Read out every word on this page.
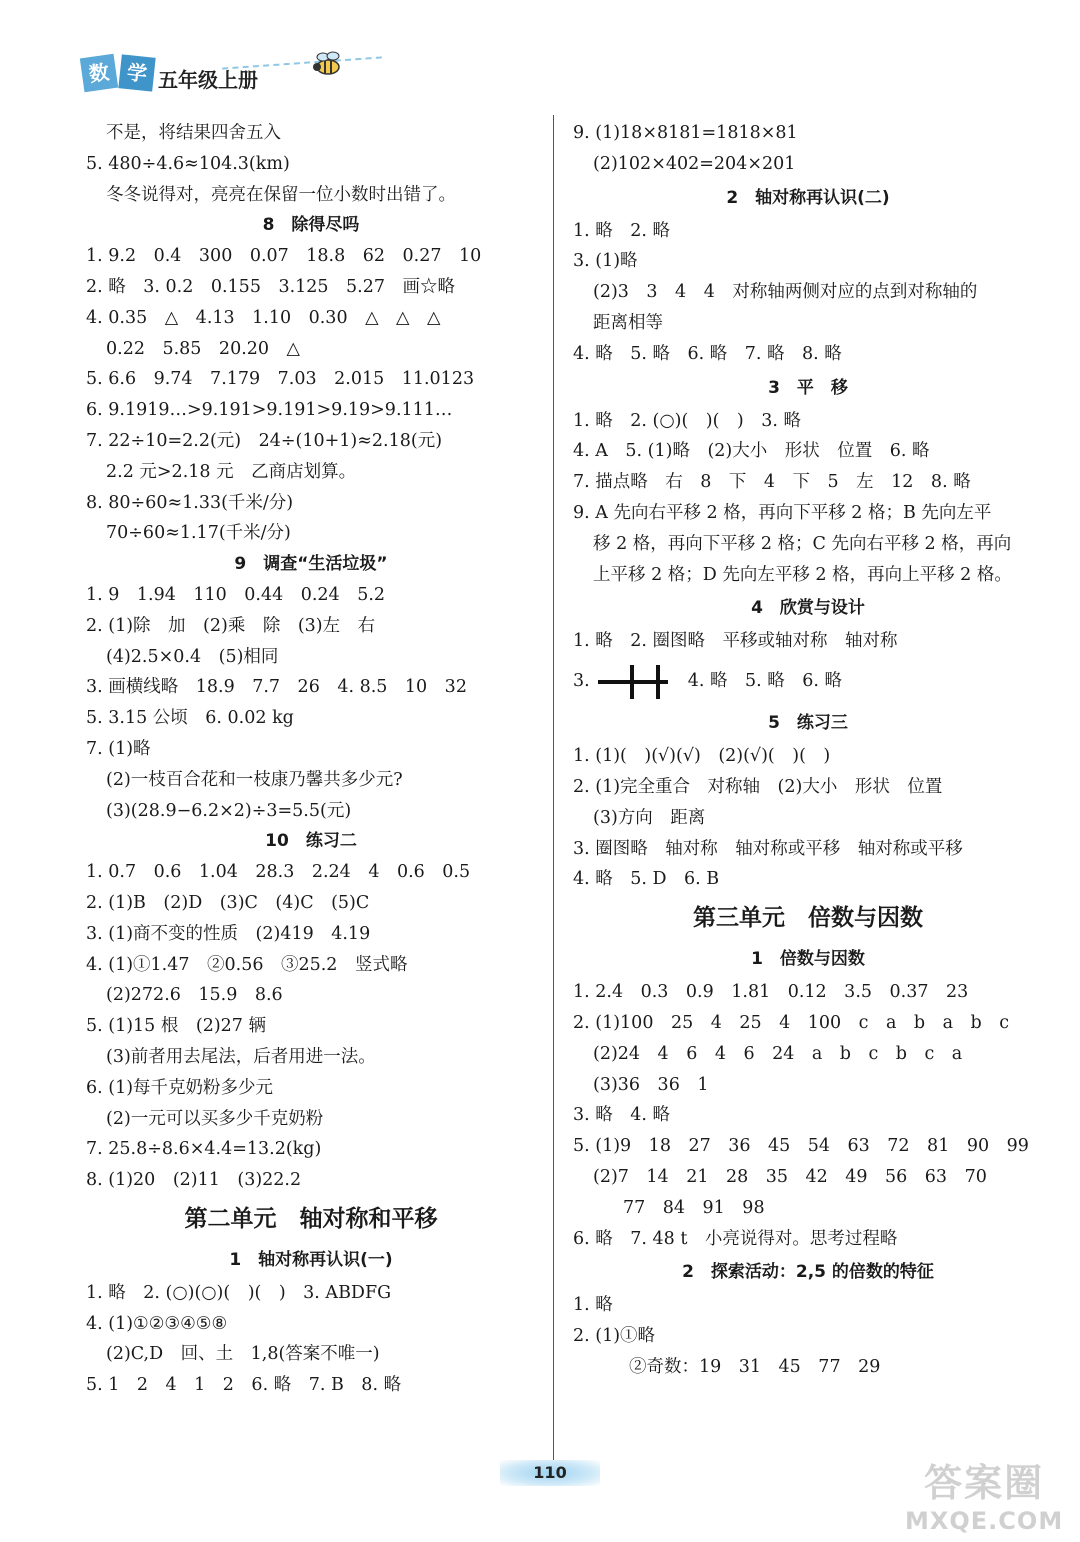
数 学 五年级上册
不是，将结果四舍五入
5. 480÷4.6≈104.3(km)
冬冬说得对，亮亮在保留一位小数时出错了。
8　除得尽吗
1. 9.2　0.4　300　0.07　18.8　62　0.27　10
2. 略　3. 0.2　0.155　3.125　5.27　画☆略
4. 0.35　△　4.13　1.10　0.30　△　△　△
0.22　5.85　20.20　△
5. 6.6　9.74　7.179　7.03　2.015　11.0123
6. 9.1919…>9.191>9.191>9.19>9.111…
7. 22÷10=2.2(元)　24÷(10+1)≈2.18(元)
2.2 元>2.18 元　乙商店划算。
8. 80÷60≈1.33(千米/分)
70÷60≈1.17(千米/分)
9　调查“生活垃圾”
1. 9　1.94　110　0.44　0.24　5.2
2. (1)除　加　(2)乘　除　(3)左　右
(4)2.5×0.4　(5)相同
3. 画横线略　18.9　7.7　26　4. 8.5　10　32
5. 3.15 公顷　6. 0.02 kg
7. (1)略
(2)一枝百合花和一枝康乃馨共多少元?
(3)(28.9−6.2×2)÷3=5.5(元)
10　练习二
1. 0.7　0.6　1.04　28.3　2.24　4　0.6　0.5
2. (1)B　(2)D　(3)C　(4)C　(5)C
3. (1)商不变的性质　(2)419　4.19
4. (1)①1.47　②0.56　③25.2　竖式略
(2)272.6　15.9　8.6
5. (1)15 根　(2)27 辆
(3)前者用去尾法，后者用进一法。
6. (1)每千克奶粉多少元
(2)一元可以买多少千克奶粉
7. 25.8÷8.6×4.4=13.2(kg)
8. (1)20　(2)11　(3)22.2
第二单元　轴对称和平移
1　轴对称再认识(一)
1. 略　2. (○)(○)(　)(　)　3. ABDFG
4. (1)①②③④⑤⑧
(2)C,D　回、土　1,8(答案不唯一)
5. 1　2　4　1　2　6. 略　7. B　8. 略
9. (1)18×8181=1818×81
(2)102×402=204×201
2　轴对称再认识(二)
1. 略　2. 略
3. (1)略
(2)3　3　4　4　对称轴两侧对应的点到对称轴的
距离相等
4. 略　5. 略　6. 略　7. 略　8. 略
3　平　移
1. 略　2. (○)(　)(　)　3. 略
4. A　5. (1)略　(2)大小　形状　位置　6. 略
7. 描点略　右　8　下　4　下　5　左　12　8. 略
9. A 先向右平移 2 格，再向下平移 2 格；B 先向左平
移 2 格，再向下平移 2 格；C 先向右平移 2 格，再向
上平移 2 格；D 先向左平移 2 格，再向上平移 2 格。
4　欣赏与设计
1. 略　2. 圈图略　平移或轴对称　轴对称
3.	4. 略　5. 略　6. 略
5　练习三
1. (1)(　)(√)(√)　(2)(√)(　)(　)
2. (1)完全重合　对称轴　(2)大小　形状　位置
(3)方向　距离
3. 圈图略　轴对称　轴对称或平移　轴对称或平移
4. 略　5. D　6. B
第三单元　倍数与因数
1　倍数与因数
1. 2.4　0.3　0.9　1.81　0.12　3.5　0.37　23
2. (1)100　25　4　25　4　100　c　a　b　a　b　c
(2)24　4　6　4　6　24　a　b　c　b　c　a
(3)36　36　1
3. 略　4. 略
5. (1)9　18　27　36　45　54　63　72　81　90　99
(2)7　14　21　28　35　42　49　56　63　70
77　84　91　98
6. 略　7. 48 t　小亮说得对。思考过程略
2　探索活动：2,5 的倍数的特征
1. 略
2. (1)①略
②奇数：19　31　45　77　29
110	答案圈
MXQE.COM
